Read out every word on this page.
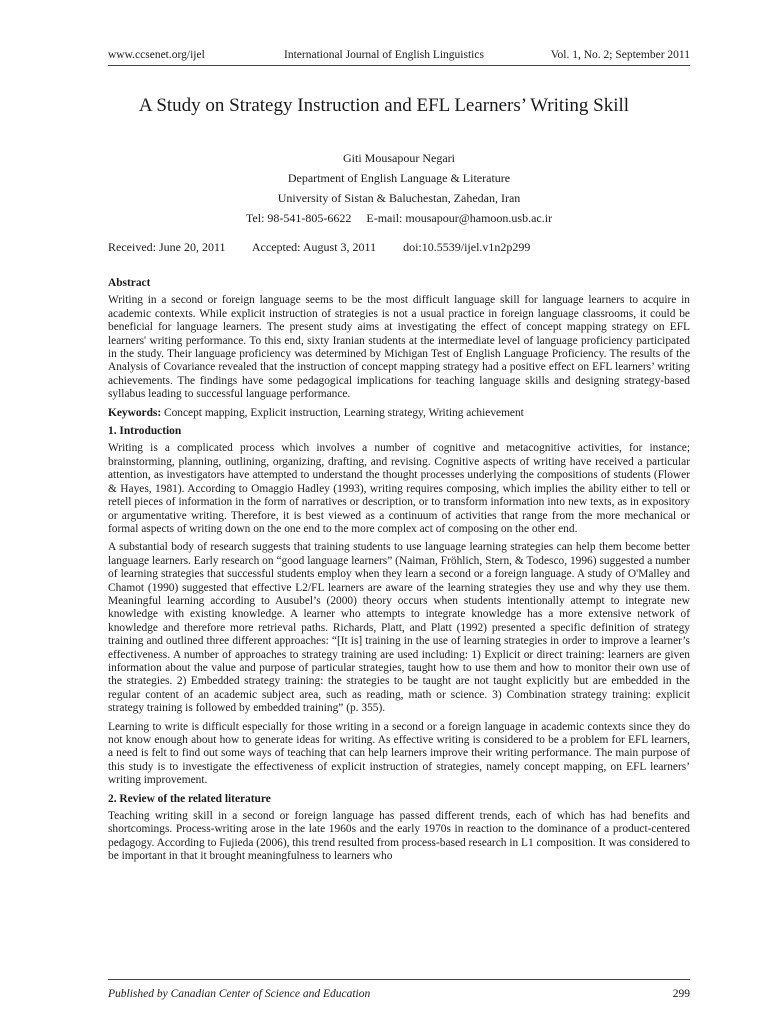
www.ccsenet.org/ijel	International Journal of English Linguistics	Vol. 1, No. 2; September 2011
A Study on Strategy Instruction and EFL Learners’ Writing Skill
Giti Mousapour Negari
Department of English Language & Literature
University of Sistan & Baluchestan, Zahedan, Iran
Tel: 98-541-805-6622     E-mail: mousapour@hamoon.usb.ac.ir
Received: June 20, 2011 Accepted: August 3, 2011 doi:10.5539/ijel.v1n2p299
Abstract

Writing in a second or foreign language seems to be the most difficult language skill for language learners to acquire in academic contexts. While explicit instruction of strategies is not a usual practice in foreign language classrooms, it could be beneficial for language learners. The present study aims at investigating the effect of concept mapping strategy on EFL learners' writing performance. To this end, sixty Iranian students at the intermediate level of language proficiency participated in the study. Their language proficiency was determined by Michigan Test of English Language Proficiency. The results of the Analysis of Covariance revealed that the instruction of concept mapping strategy had a positive effect on EFL learners’ writing achievements. The findings have some pedagogical implications for teaching language skills and designing strategy-based syllabus leading to successful language performance.

Keywords: Concept mapping, Explicit instruction, Learning strategy, Writing achievement

1. Introduction

Writing is a complicated process which involves a number of cognitive and metacognitive activities, for instance; brainstorming, planning, outlining, organizing, drafting, and revising. Cognitive aspects of writing have received a particular attention, as investigators have attempted to understand the thought processes underlying the compositions of students (Flower & Hayes, 1981). According to Omaggio Hadley (1993), writing requires composing, which implies the ability either to tell or retell pieces of information in the form of narratives or description, or to transform information into new texts, as in expository or argumentative writing. Therefore, it is best viewed as a continuum of activities that range from the more mechanical or formal aspects of writing down on the one end to the more complex act of composing on the other end.

A substantial body of research suggests that training students to use language learning strategies can help them become better language learners. Early research on “good language learners” (Naiman, Fröhlich, Stern, & Todesco, 1996) suggested a number of learning strategies that successful students employ when they learn a second or a foreign language. A study of O'Malley and Chamot (1990) suggested that effective L2/FL learners are aware of the learning strategies they use and why they use them. Meaningful learning according to Ausubel’s (2000) theory occurs when students intentionally attempt to integrate new knowledge with existing knowledge. A learner who attempts to integrate knowledge has a more extensive network of knowledge and therefore more retrieval paths. Richards, Platt, and Platt (1992) presented a specific definition of strategy training and outlined three different approaches: “[It is] training in the use of learning strategies in order to improve a learner’s effectiveness. A number of approaches to strategy training are used including: 1) Explicit or direct training: learners are given information about the value and purpose of particular strategies, taught how to use them and how to monitor their own use of the strategies. 2) Embedded strategy training: the strategies to be taught are not taught explicitly but are embedded in the regular content of an academic subject area, such as reading, math or science. 3) Combination strategy training: explicit strategy training is followed by embedded training” (p. 355).

Learning to write is difficult especially for those writing in a second or a foreign language in academic contexts since they do not know enough about how to generate ideas for writing. As effective writing is considered to be a problem for EFL learners, a need is felt to find out some ways of teaching that can help learners improve their writing performance. The main purpose of this study is to investigate the effectiveness of explicit instruction of strategies, namely concept mapping, on EFL learners’ writing improvement.

2. Review of the related literature

Teaching writing skill in a second or foreign language has passed different trends, each of which has had benefits and shortcomings. Process-writing arose in the late 1960s and the early 1970s in reaction to the dominance of a product-centered pedagogy. According to Fujieda (2006), this trend resulted from process-based research in L1 composition. It was considered to be important in that it brought meaningfulness to learners who

Published by Canadian Center of Science and Education	299
